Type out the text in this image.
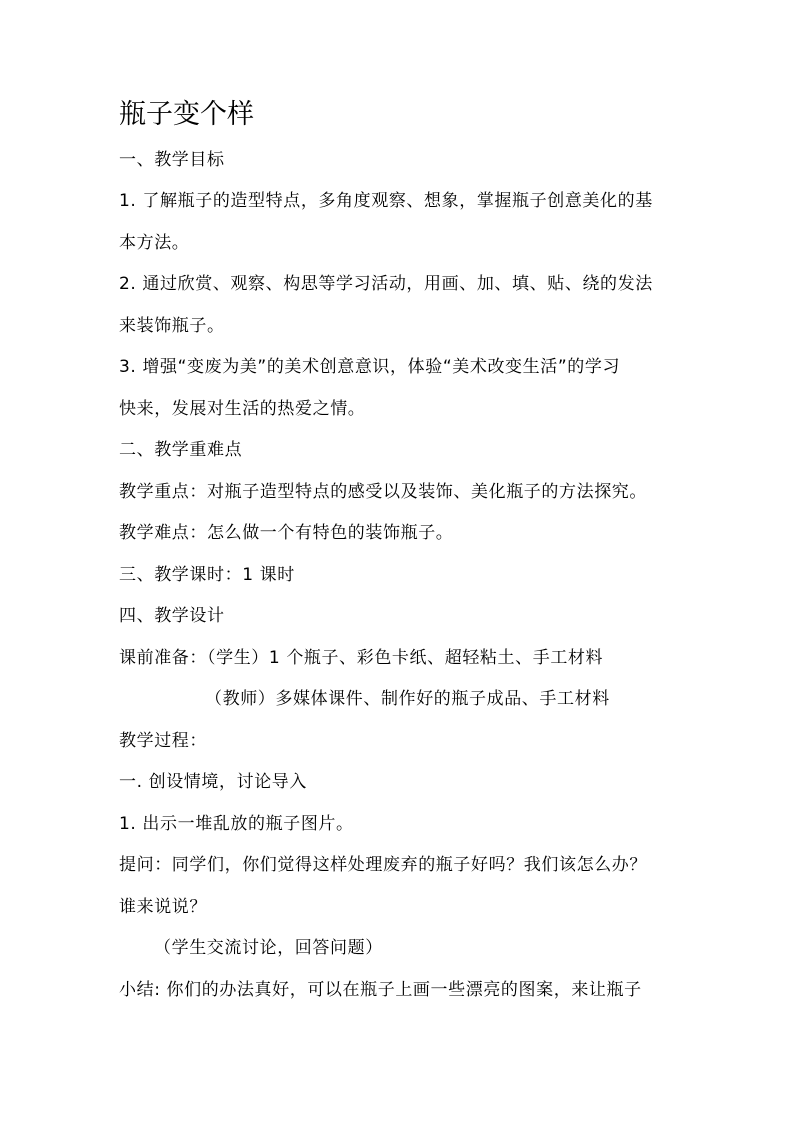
瓶子变个样
一、教学目标
1. 了解瓶子的造型特点，多角度观察、想象，掌握瓶子创意美化的基
本方法。
2. 通过欣赏、观察、构思等学习活动，用画、加、填、贴、绕的发法
来装饰瓶子。
3. 增强“变废为美”的美术创意意识，体验“美术改变生活”的学习
快来，发展对生活的热爱之情。
二、教学重难点
教学重点：对瓶子造型特点的感受以及装饰、美化瓶子的方法探究。
教学难点：怎么做一个有特色的装饰瓶子。
三、教学课时：1 课时
四、教学设计
课前准备：（学生）1 个瓶子、彩色卡纸、超轻粘土、手工材料
（教师）多媒体课件、制作好的瓶子成品、手工材料
教学过程：
一. 创设情境，讨论导入
1. 出示一堆乱放的瓶子图片。
提问：同学们，你们觉得这样处理废弃的瓶子好吗？我们该怎么办？
谁来说说？
（学生交流讨论，回答问题）
小结: 你们的办法真好，可以在瓶子上画一些漂亮的图案，来让瓶子
